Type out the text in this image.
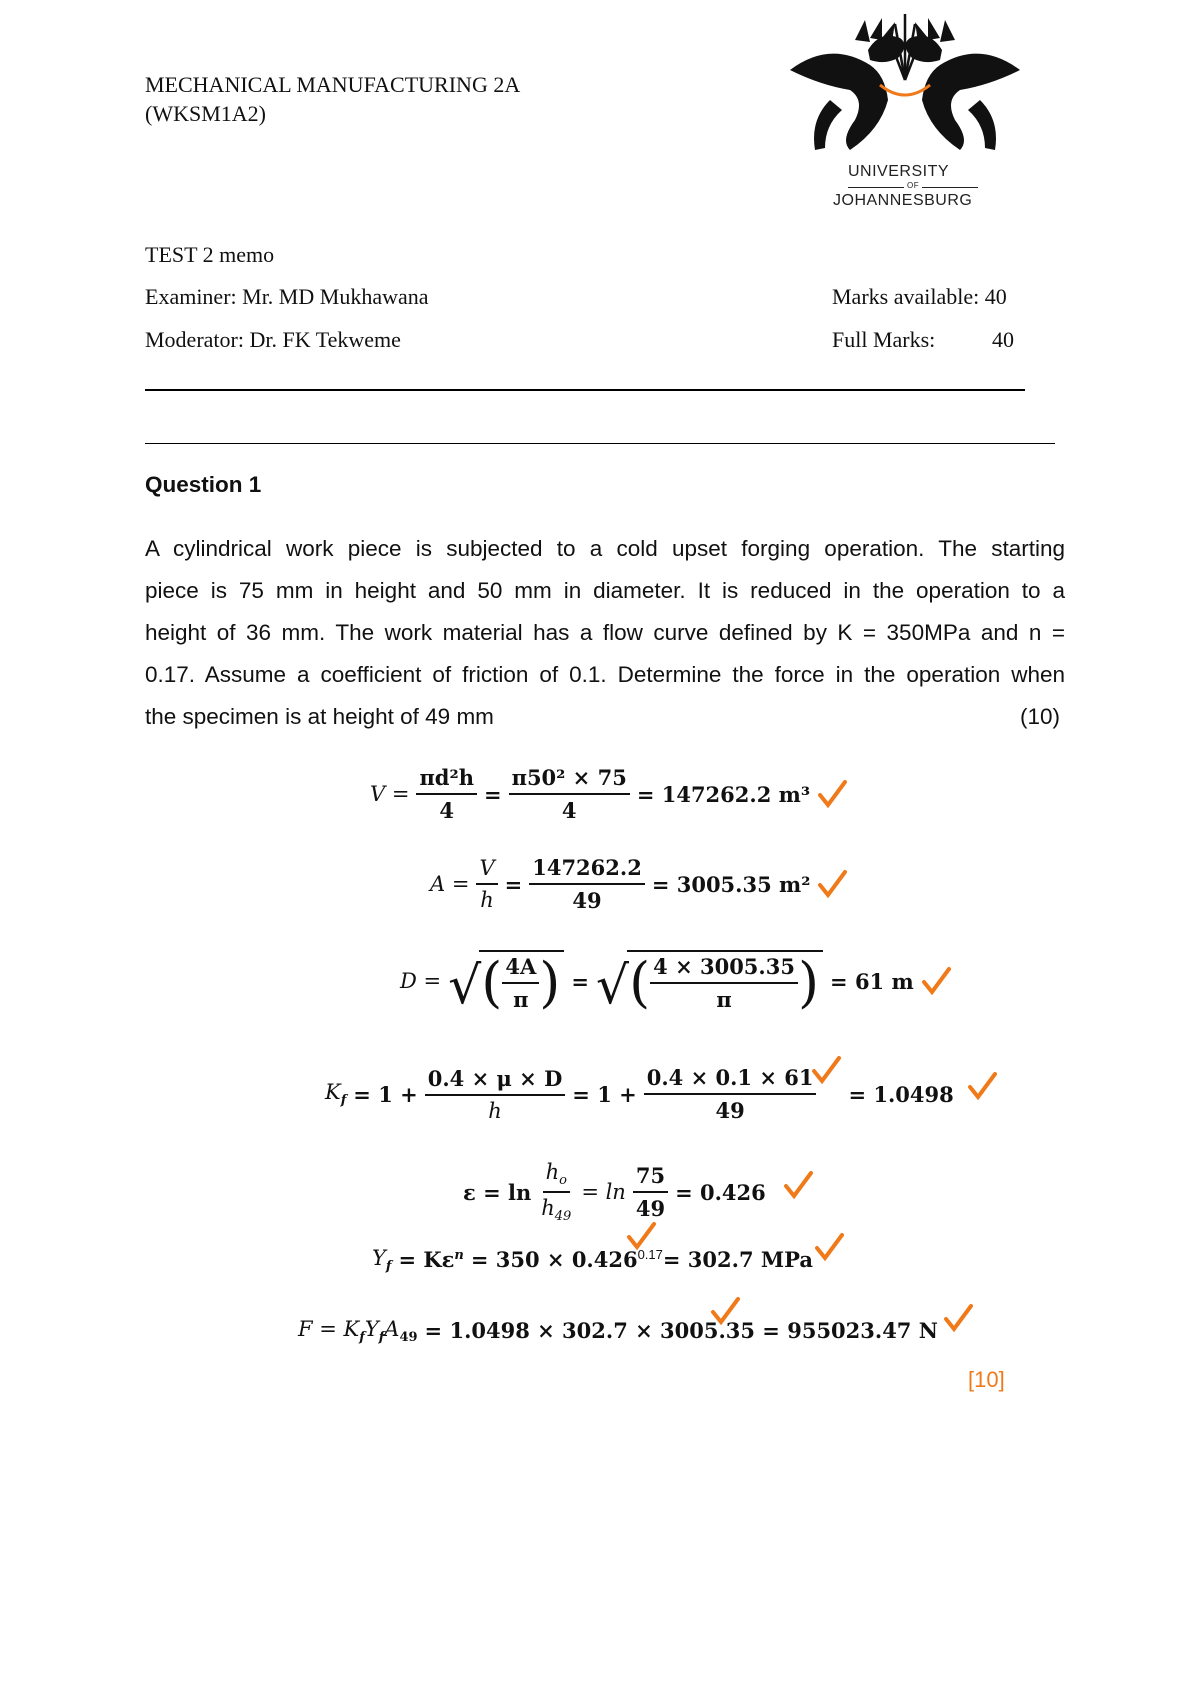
MECHANICAL MANUFACTURING 2A
(WKSM1A2)
UNIVERSITY
OF
JOHANNESBURG
TEST 2 memo
Examiner: Mr. MD Mukhawana	Marks available: 40
Moderator: Dr. FK Tekweme	Full Marks:	40
Question 1
A cylindrical work piece is subjected to a cold upset forging operation. The starting
piece is 75 mm in height and 50 mm in diameter. It is reduced in the operation to a
height of 36 mm. The work material has a flow curve defined by K = 350MPa and n =
0.17. Assume a coefficient of friction of 0.1. Determine the force in the operation when
the specimen is at height of 49 mm	(10)
$V = \frac{\text{πd²h}}{4} = \frac{\text{π50² × 75}}{4} = 147262.2$ m³
$A = \frac{V}{h} = \frac{147262.2}{49} = 3005.35$ m²
D = √ ( $\frac{4A}{\pi}$ ) = √ ( $\frac{4 \times 3005.35}{\pi}$ ) = 61 m
$K_f = 1 + \frac{0.4 \times \mu \times D}{h} = 1 + \frac{0.4 \times 0.1 \times 61}{49} = 1.0498$
$\varepsilon = \ln \frac{h_o}{h_{49}} = \ln \frac{75}{49} = 0.426$
$Y_f = K\varepsilon^n = 350 \times 0.426^{0.17} = 302.7$ MPa
$F = K_fY_fA_{49} = 1.0498 \times 302.7 \times 3005.35 = 955023.47$ N
[10]
